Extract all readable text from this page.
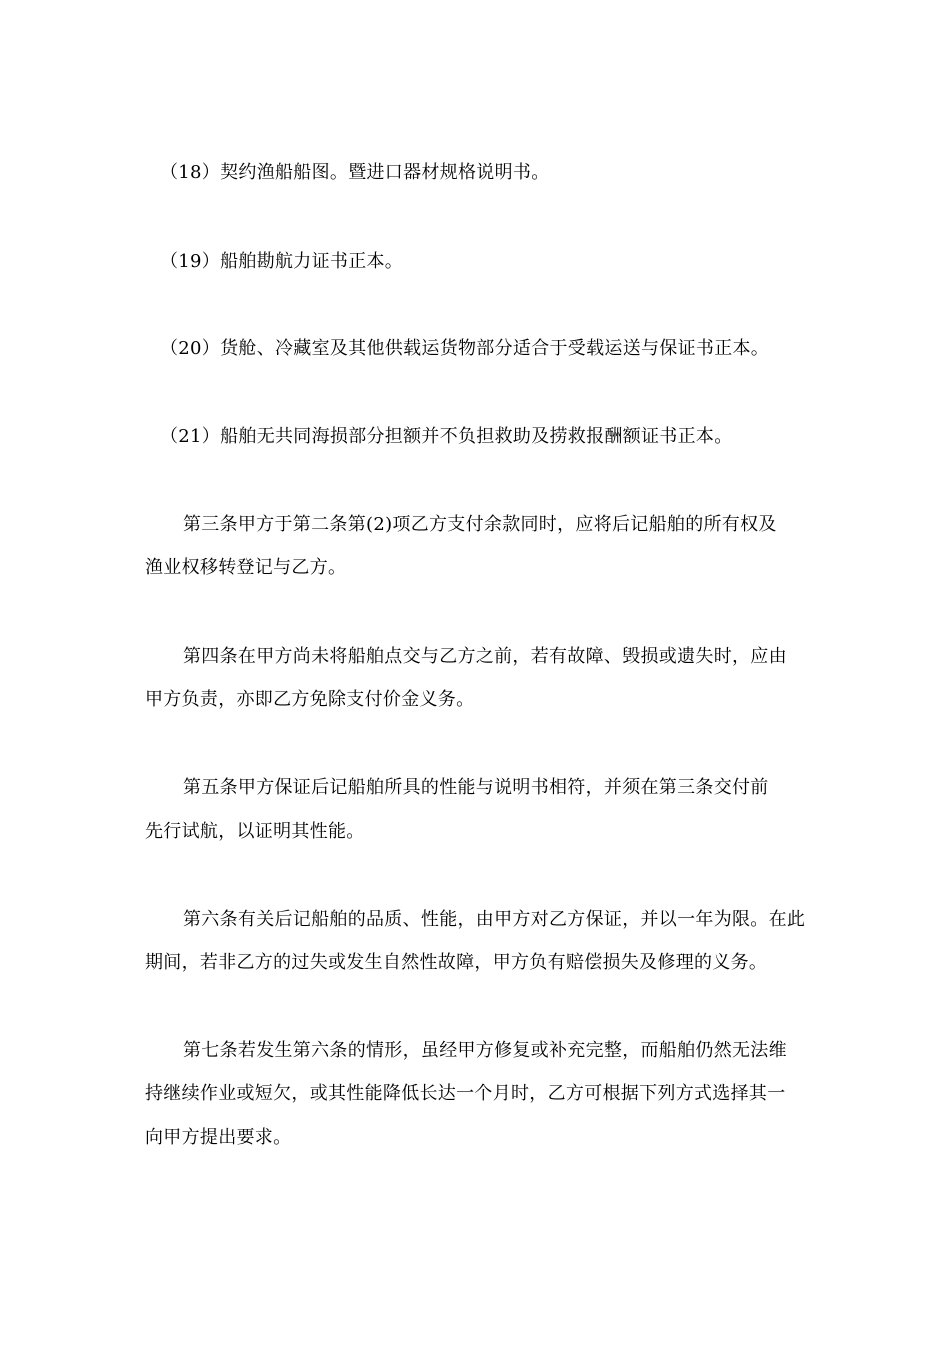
（18）契约渔船船图。暨进口器材规格说明书。
（19）船舶勘航力证书正本。
（20）货舱、冷藏室及其他供载运货物部分适合于受载运送与保证书正本。
（21）船舶无共同海损部分担额并不负担救助及捞救报酬额证书正本。
第三条甲方于第二条第(2)项乙方支付余款同时，应将后记船舶的所有权及
渔业权移转登记与乙方。
第四条在甲方尚未将船舶点交与乙方之前，若有故障、毁损或遗失时，应由
甲方负责，亦即乙方免除支付价金义务。
第五条甲方保证后记船舶所具的性能与说明书相符，并须在第三条交付前
先行试航，以证明其性能。
第六条有关后记船舶的品质、性能，由甲方对乙方保证，并以一年为限。在此
期间，若非乙方的过失或发生自然性故障，甲方负有赔偿损失及修理的义务。
第七条若发生第六条的情形，虽经甲方修复或补充完整，而船舶仍然无法维
持继续作业或短欠，或其性能降低长达一个月时，乙方可根据下列方式选择其一
向甲方提出要求。
